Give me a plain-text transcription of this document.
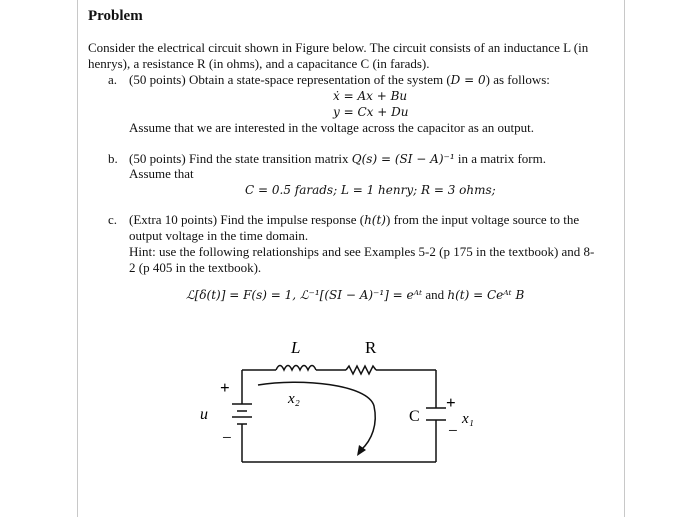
Problem
Consider the electrical circuit shown in Figure below. The circuit consists of an inductance L (in
henrys), a resistance R (in ohms), and a capacitance C (in farads).
a. (50 points) Obtain a state-space representation of the system (D = 0) as follows:
ẋ = Ax + Bu
y = Cx + Du
Assume that we are interested in the voltage across the capacitor as an output.
b. (50 points) Find the state transition matrix Q(s) = (SI − A)⁻¹ in a matrix form.
Assume that
C = 0.5 farads; L = 1 henry; R = 3 ohms;
c. (Extra 10 points) Find the impulse response (h(t)) from the input voltage source to the
output voltage in the time domain.
Hint: use the following relationships and see Examples 5-2 (p 175 in the textbook) and 8-
2 (p 405 in the textbook).
ℒ[δ(t)] = F(s) = 1, ℒ⁻¹[(SI − A)⁻¹] = eᴬᵗ and h(t) = Ceᴬᵗ B
L	R
C
u
x₂
x₁
+
−
+
−
